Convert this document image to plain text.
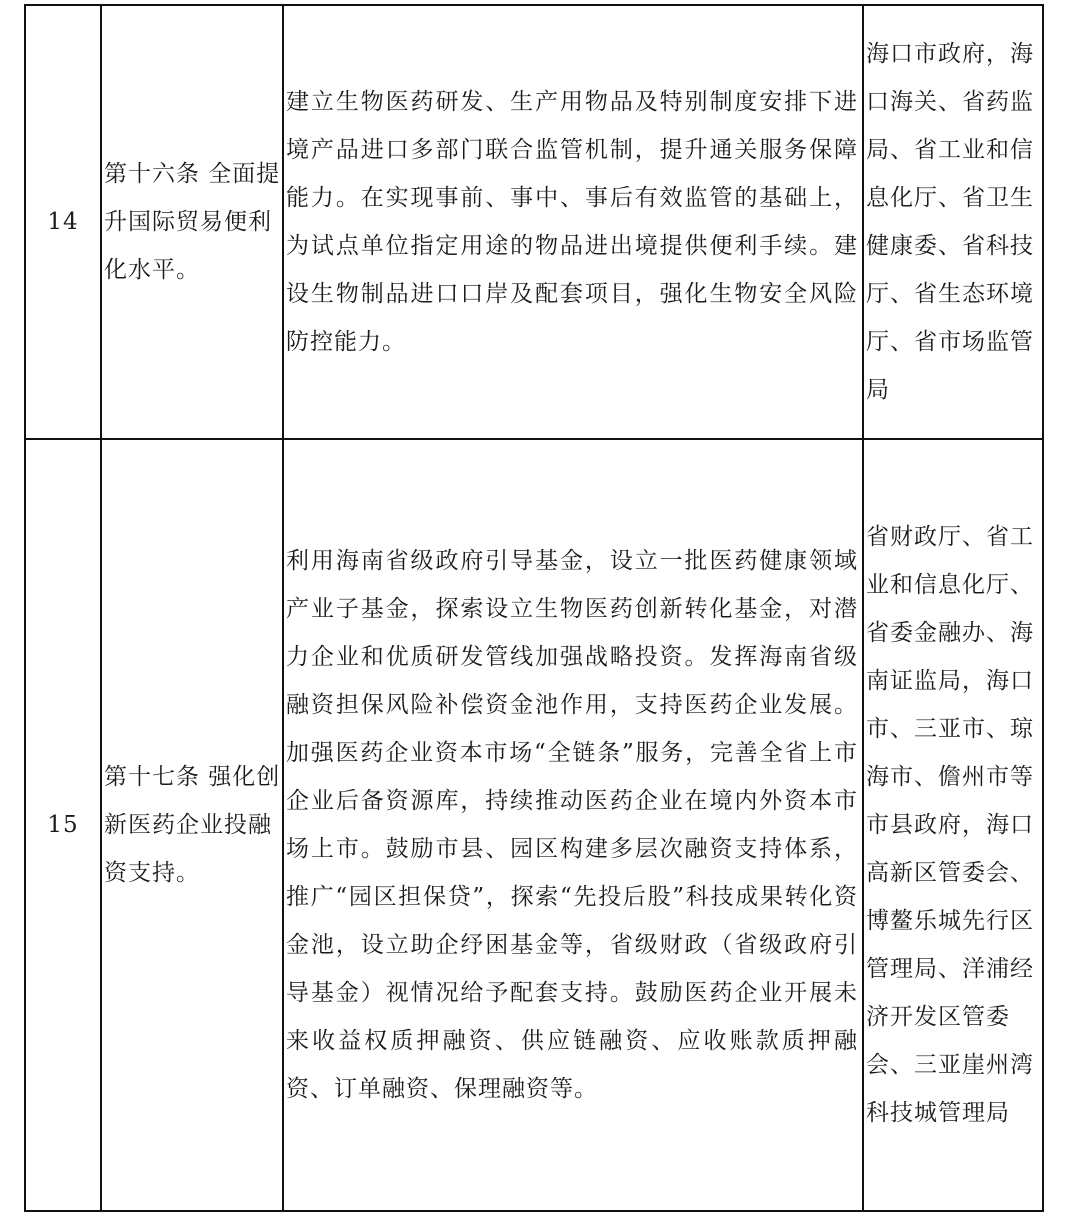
14	第十六条 全面提升国际贸易便利化水平。	建立生物医药研发、生产用物品及特别制度安排下进境产品进口多部门联合监管机制，提升通关服务保障能力。在实现事前、事中、事后有效监管的基础上，为试点单位指定用途的物品进出境提供便利手续。建设生物制品进口口岸及配套项目，强化生物安全风险防控能力。	海口市政府，海口海关、省药监局、省工业和信息化厅、省卫生健康委、省科技厅、省生态环境厅、省市场监管局

15	第十七条 强化创新医药企业投融资支持。	利用海南省级政府引导基金，设立一批医药健康领域产业子基金，探索设立生物医药创新转化基金，对潜力企业和优质研发管线加强战略投资。发挥海南省级融资担保风险补偿资金池作用，支持医药企业发展。加强医药企业资本市场“全链条”服务，完善全省上市企业后备资源库，持续推动医药企业在境内外资本市场上市。鼓励市县、园区构建多层次融资支持体系，推广“园区担保贷”，探索“先投后股”科技成果转化资金池，设立助企纾困基金等，省级财政（省级政府引导基金）视情况给予配套支持。鼓励医药企业开展未来收益权质押融资、供应链融资、应收账款质押融资、订单融资、保理融资等。	省财政厅、省工业和信息化厅、省委金融办、海南证监局，海口市、三亚市、琼海市、儋州市等市县政府，海口高新区管委会、博鳌乐城先行区管理局、洋浦经济开发区管委会、三亚崖州湾科技城管理局
